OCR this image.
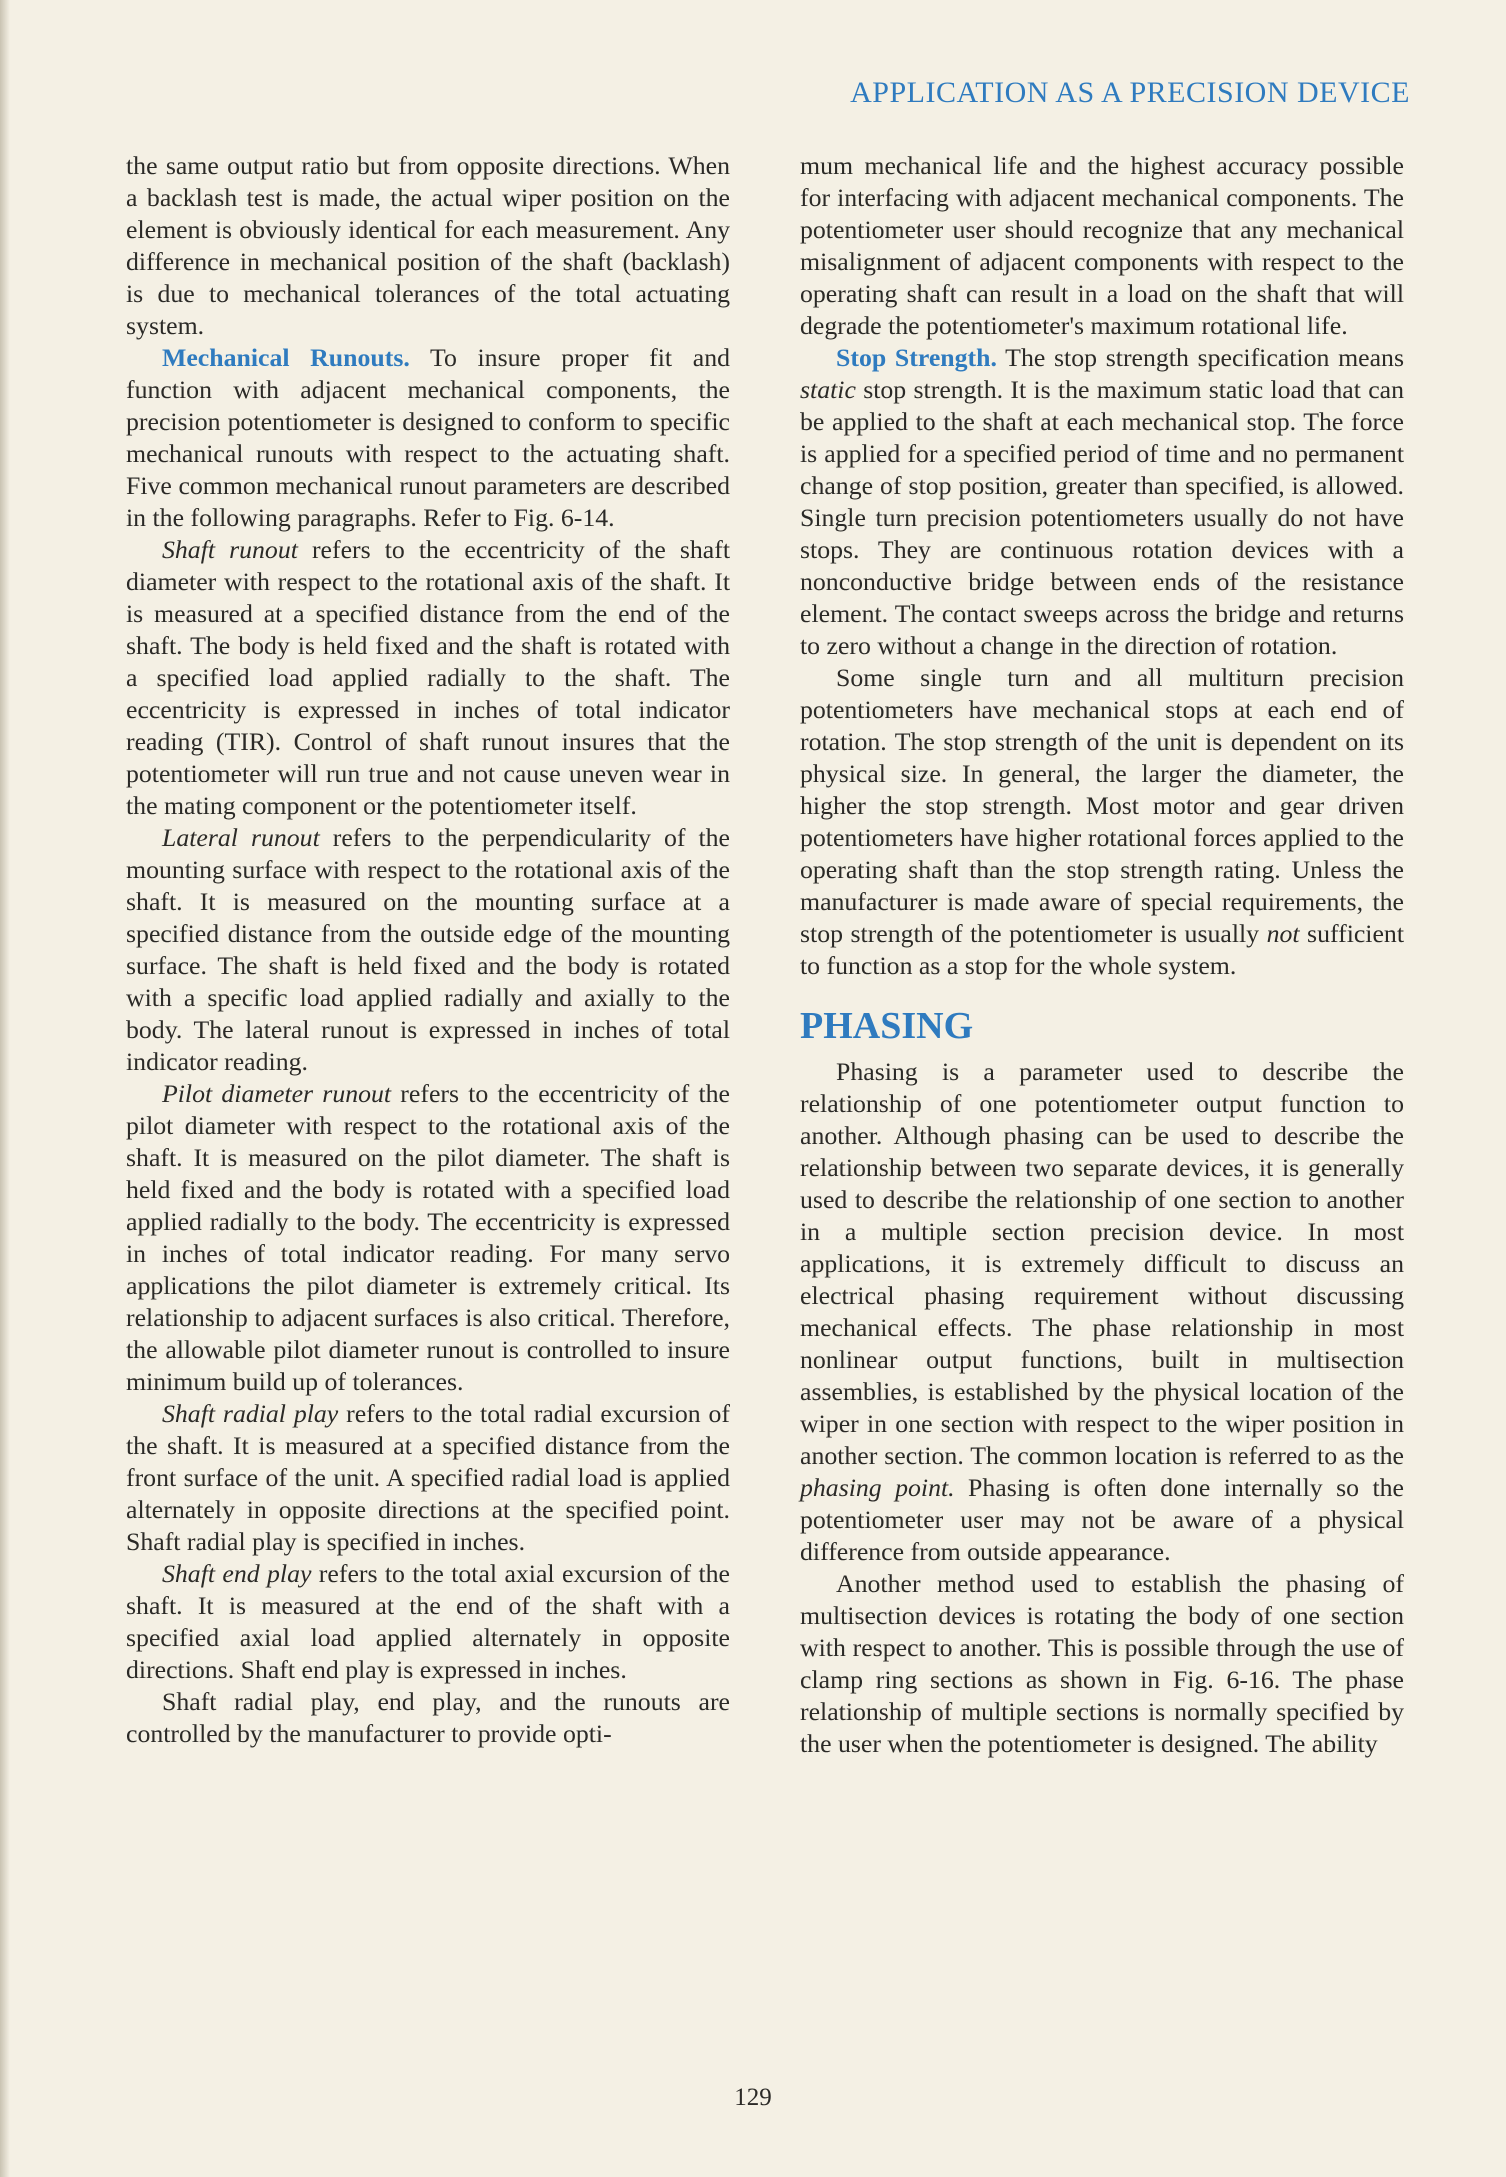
APPLICATION AS A PRECISION DEVICE

the same output ratio but from opposite directions. When a backlash test is made, the actual wiper position on the element is obviously identical for each measurement. Any difference in mechanical position of the shaft (backlash) is due to mechanical tolerances of the total actuating system.

Mechanical Runouts. To insure proper fit and function with adjacent mechanical components, the precision potentiometer is designed to conform to specific mechanical runouts with respect to the actuating shaft. Five common mechanical runout parameters are described in the following paragraphs. Refer to Fig. 6-14.

Shaft runout refers to the eccentricity of the shaft diameter with respect to the rotational axis of the shaft. It is measured at a specified distance from the end of the shaft. The body is held fixed and the shaft is rotated with a specified load applied radially to the shaft. The eccentricity is expressed in inches of total indicator reading (TIR). Control of shaft runout insures that the potentiometer will run true and not cause uneven wear in the mating component or the potentiometer itself.

Lateral runout refers to the perpendicularity of the mounting surface with respect to the rotational axis of the shaft. It is measured on the mounting surface at a specified distance from the outside edge of the mounting surface. The shaft is held fixed and the body is rotated with a specific load applied radially and axially to the body. The lateral runout is expressed in inches of total indicator reading.

Pilot diameter runout refers to the eccentricity of the pilot diameter with respect to the rotational axis of the shaft. It is measured on the pilot diameter. The shaft is held fixed and the body is rotated with a specified load applied radially to the body. The eccentricity is expressed in inches of total indicator reading. For many servo applications the pilot diameter is extremely critical. Its relationship to adjacent surfaces is also critical. Therefore, the allowable pilot diameter runout is controlled to insure minimum build up of tolerances.

Shaft radial play refers to the total radial excursion of the shaft. It is measured at a specified distance from the front surface of the unit. A specified radial load is applied alternately in opposite directions at the specified point. Shaft radial play is specified in inches.

Shaft end play refers to the total axial excursion of the shaft. It is measured at the end of the shaft with a specified axial load applied alternately in opposite directions. Shaft end play is expressed in inches.

Shaft radial play, end play, and the runouts are controlled by the manufacturer to provide opti-

mum mechanical life and the highest accuracy possible for interfacing with adjacent mechanical components. The potentiometer user should recognize that any mechanical misalignment of adjacent components with respect to the operating shaft can result in a load on the shaft that will degrade the potentiometer's maximum rotational life.

Stop Strength. The stop strength specification means static stop strength. It is the maximum static load that can be applied to the shaft at each mechanical stop. The force is applied for a specified period of time and no permanent change of stop position, greater than specified, is allowed. Single turn precision potentiometers usually do not have stops. They are continuous rotation devices with a nonconductive bridge between ends of the resistance element. The contact sweeps across the bridge and returns to zero without a change in the direction of rotation.

Some single turn and all multiturn precision potentiometers have mechanical stops at each end of rotation. The stop strength of the unit is dependent on its physical size. In general, the larger the diameter, the higher the stop strength. Most motor and gear driven potentiometers have higher rotational forces applied to the operating shaft than the stop strength rating. Unless the manufacturer is made aware of special requirements, the stop strength of the potentiometer is usually not sufficient to function as a stop for the whole system.

PHASING

Phasing is a parameter used to describe the relationship of one potentiometer output function to another. Although phasing can be used to describe the relationship between two separate devices, it is generally used to describe the relationship of one section to another in a multiple section precision device. In most applications, it is extremely difficult to discuss an electrical phasing requirement without discussing mechanical effects. The phase relationship in most nonlinear output functions, built in multisection assemblies, is established by the physical location of the wiper in one section with respect to the wiper position in another section. The common location is referred to as the phasing point. Phasing is often done internally so the potentiometer user may not be aware of a physical difference from outside appearance.

Another method used to establish the phasing of multisection devices is rotating the body of one section with respect to another. This is possible through the use of clamp ring sections as shown in Fig. 6-16. The phase relationship of multiple sections is normally specified by the user when the potentiometer is designed. The ability

129
